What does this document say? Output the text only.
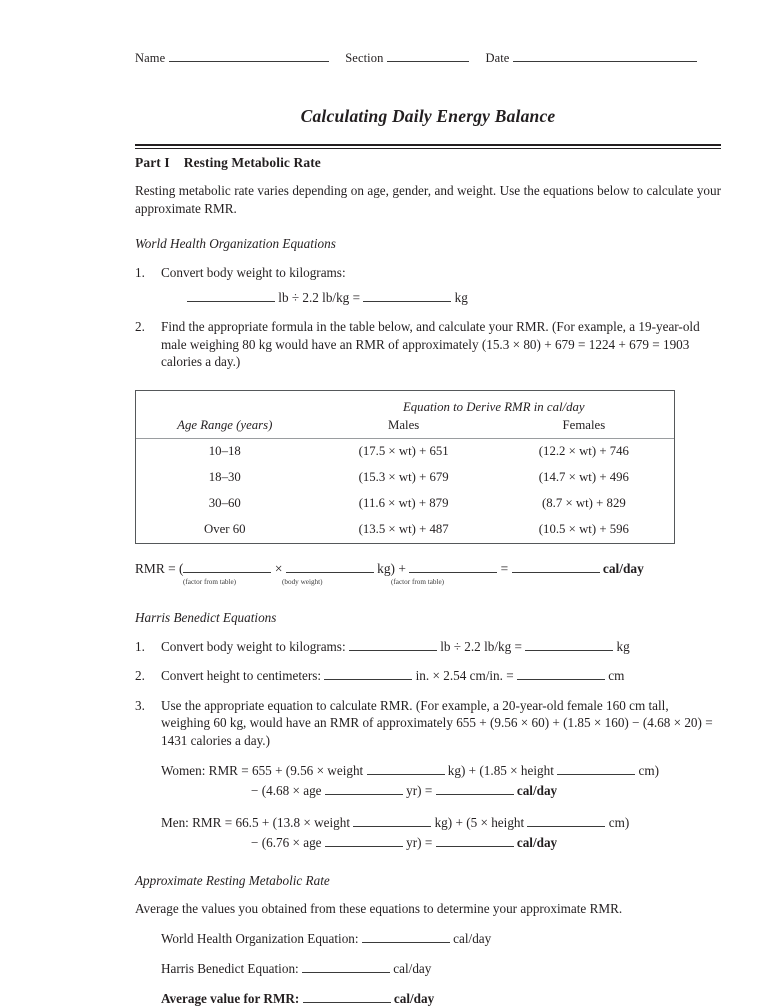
Name	Section	Date
Calculating Daily Energy Balance
Part I Resting Metabolic Rate

Resting metabolic rate varies depending on age, gender, and weight. Use the equations below to calculate your approximate RMR.

World Health Organization Equations
1. Convert body weight to kilograms:
lb ÷ 2.2 lb/kg =	kg
2. Find the appropriate formula in the table below, and calculate your RMR. (For example, a 19-year-old male weighing 80 kg would have an RMR of approximately (15.3 × 80) + 679 = 1224 + 679 = 1903 calories a day.)
	Equation to Derive RMR in cal/day	
Age Range (years)	Males	Females
10–18	(17.5 × wt) + 651	(12.2 × wt) + 746
18–30	(15.3 × wt) + 679	(14.7 × wt) + 496
30–60	(11.6 × wt) + 879	(8.7 × wt) + 829
Over 60	(13.5 × wt) + 487	(10.5 × wt) + 596
RMR = (	×	kg) +	=	cal/day
(factor from table)	(body weight)	(factor from table)
Harris Benedict Equations
1. Convert body weight to kilograms:	lb ÷ 2.2 lb/kg =	kg
2. Convert height to centimeters:	in. × 2.54 cm/in. =	cm
3. Use the appropriate equation to calculate RMR. (For example, a 20-year-old female 160 cm tall, weighing 60 kg, would have an RMR of approximately 655 + (9.56 × 60) + (1.85 × 160) − (4.68 × 20) = 1431 calories a day.)
Women: RMR = 655 + (9.56 × weight	kg) + (1.85 × height	cm)
− (4.68 × age	yr) =	cal/day
Men: RMR = 66.5 + (13.8 × weight	kg) + (5 × height	cm)
− (6.76 × age	yr) =	cal/day
Approximate Resting Metabolic Rate

Average the values you obtained from these equations to determine your approximate RMR.

World Health Organization Equation:	cal/day
Harris Benedict Equation:	cal/day
Average value for RMR:	cal/day
